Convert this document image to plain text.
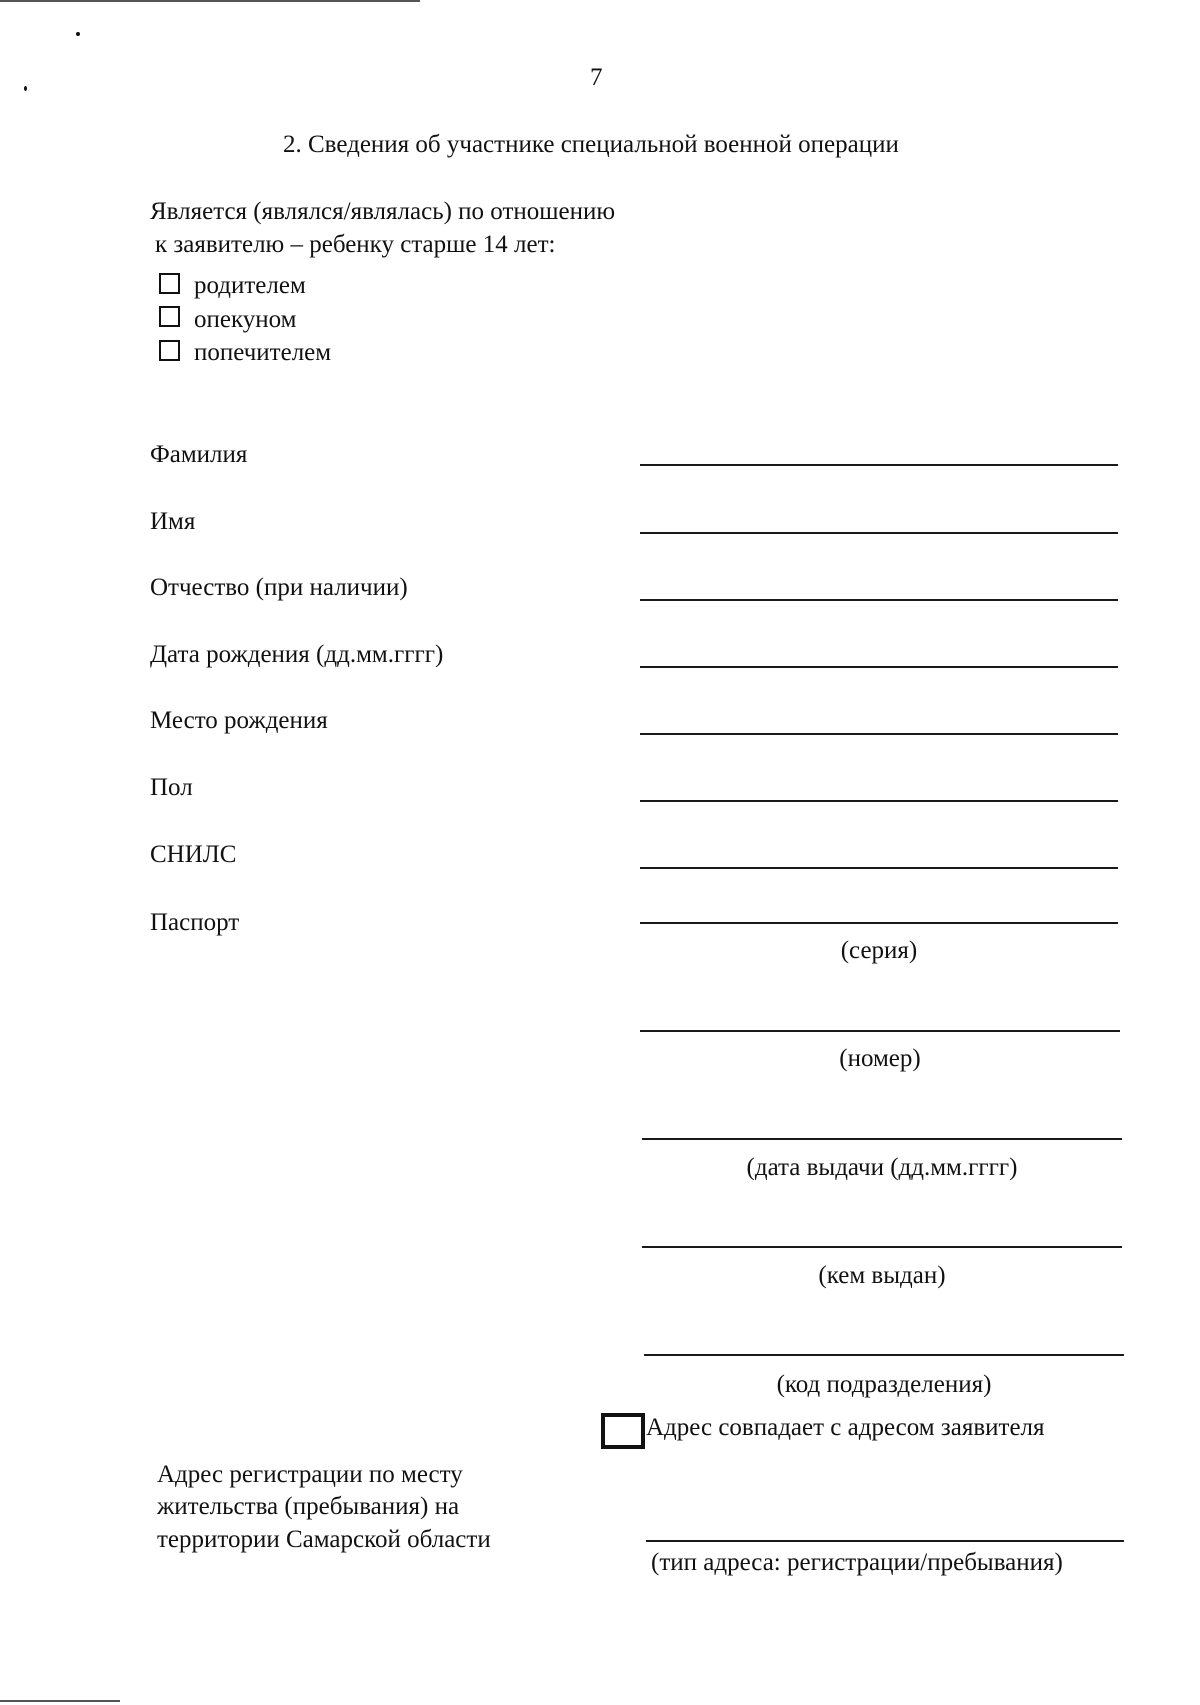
7
2. Сведения об участнике специальной военной операции
Является (являлся/являлась) по отношению
к заявителю – ребенку старше 14 лет:
родителем
опекуном
попечителем
Фамилия
Имя
Отчество (при наличии)
Дата рождения (дд.мм.гггг)
Место рождения
Пол
СНИЛС
Паспорт
(серия)
(номер)
(дата выдачи (дд.мм.гггг)
(кем выдан)
(код подразделения)
Адрес совпадает с адресом заявителя
Адрес регистрации по месту
жительства (пребывания) на
территории Самарской области
(тип адреса: регистрации/пребывания)
